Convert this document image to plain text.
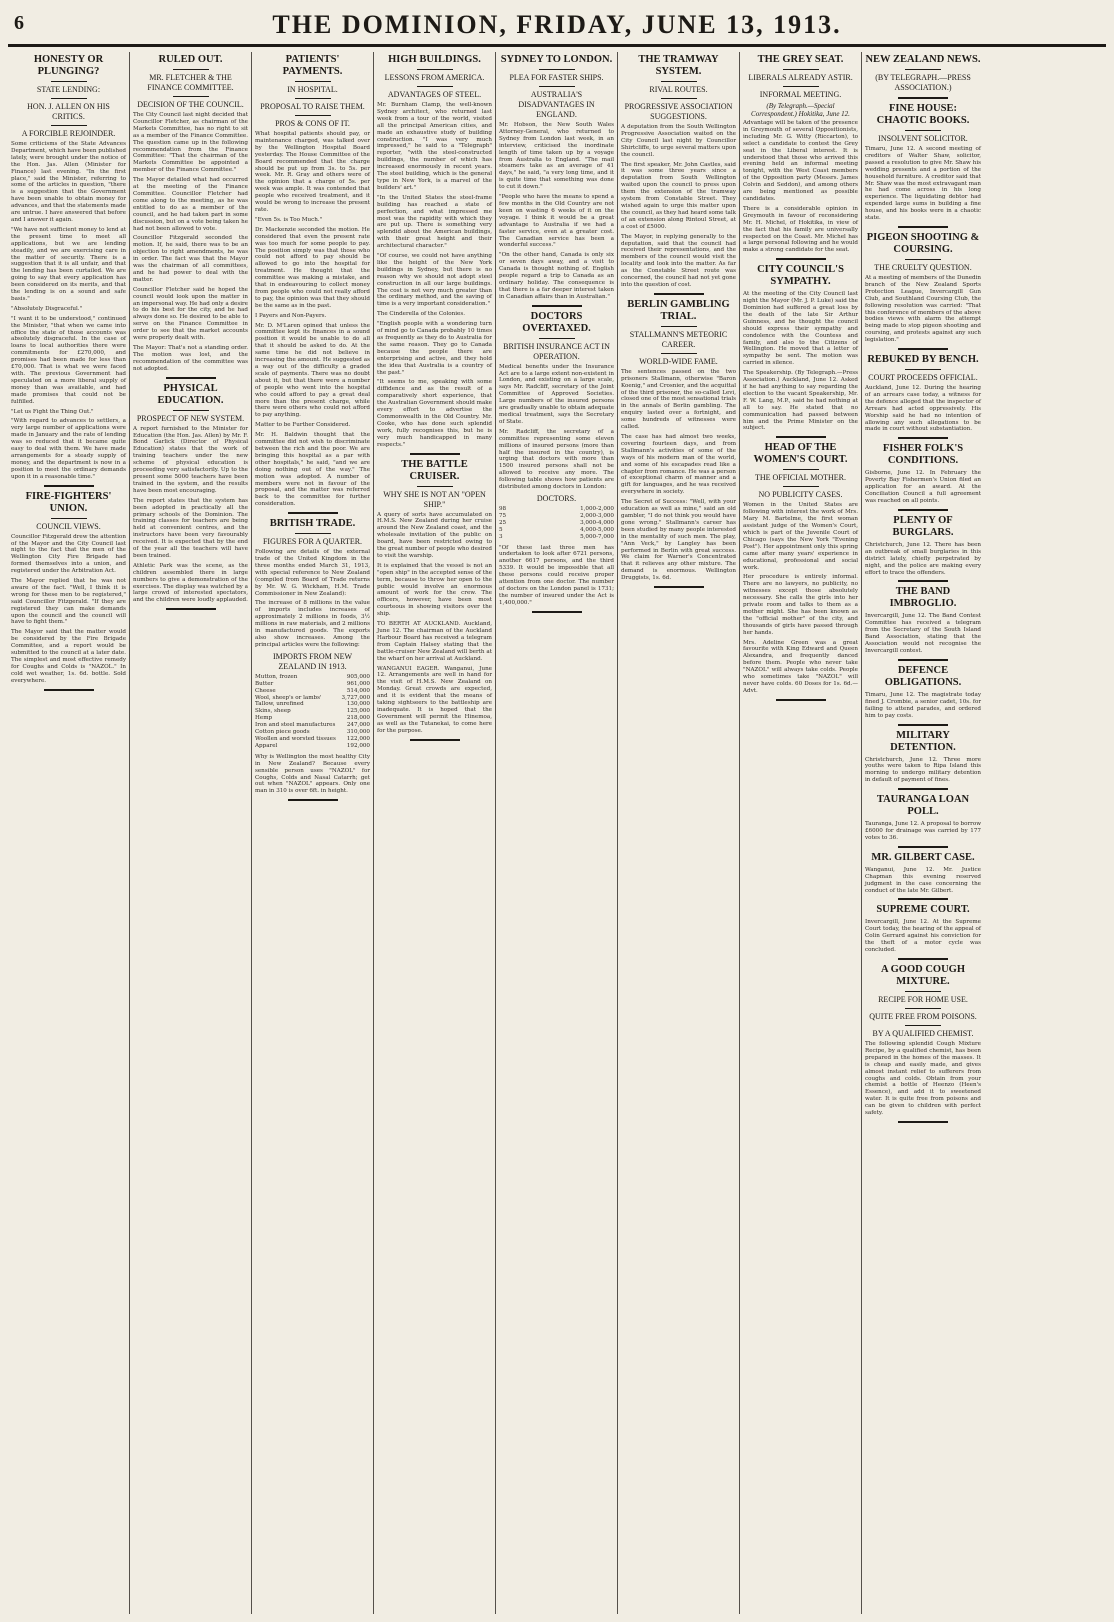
6	THE DOMINION, FRIDAY, JUNE 13, 1913.
HONESTY OR PLUNGING?
STATE LENDING:
HON. J. ALLEN ON HIS CRITICS.
A FORCIBLE REJOINDER.

Some criticisms of the State Advances Department, which have been published lately, were brought under the notice of the Hon. Jas. Allen (Minister for Finance) last evening. "In the first place," said the Minister, referring to some of the articles in question, "there is a suggestion that the Government have been unable to obtain money for advances, and that the statements made are untrue. I have answered that before and I answer it again.

"We have not sufficient money to lend at the present time to meet all applications, but we are lending steadily, and we are exercising care in the matter of security. There is a suggestion that it is all unfair, and that the lending has been curtailed. We are going to say that every application has been considered on its merits, and that the lending is on a sound and safe basis."

"Absolutely Disgraceful."

"I want it to be understood," continued the Minister, "that when we came into office the state of those accounts was absolutely disgraceful. In the case of loans to local authorities there were commitments for £270,000, and promises had been made for less than £70,000. That is what we were faced with. The previous Government had speculated on a more liberal supply of money than was available, and had made promises that could not be fulfilled.

"Let us Fight the Thing Out."

"With regard to advances to settlers, a very large number of applications were made in January and the rate of lending was so reduced that it became quite easy to deal with them. We have made arrangements for a steady supply of money, and the department is now in a position to meet the ordinary demands upon it in a reasonable time."

FIRE-FIGHTERS' UNION.
COUNCIL VIEWS.

Councillor Fitzgerald drew the attention of the Mayor and the City Council last night to the fact that the men of the Wellington City Fire Brigade had formed themselves into a union, and registered under the Arbitration Act.

The Mayor replied that he was not aware of the fact. "Well, I think it is wrong for these men to be registered," said Councillor Fitzgerald. "If they are registered they can make demands upon the council and the council will have to fight them."

The Mayor said that the matter would be considered by the Fire Brigade Committee, and a report would be submitted to the council at a later date. The simplest and most effective remedy for Coughs and Colds is "NAZOL." In cold wet weather, 1s. 6d. bottle. Sold everywhere.

RULED OUT.
MR. FLETCHER & THE FINANCE COMMITTEE.
DECISION OF THE COUNCIL.

The City Council last night decided that Councillor Fletcher, as chairman of the Markets Committee, has no right to sit as a member of the Finance Committee. The question came up in the following recommendation from the Finance Committee: "That the chairman of the Markets Committee be appointed a member of the Finance Committee."

The Mayor detailed what had occurred at the meeting of the Finance Committee. Councillor Fletcher had come along to the meeting, as he was entitled to do as a member of the council, and he had taken part in some discussion, but on a vote being taken he had not been allowed to vote.

Councillor Fitzgerald seconded the motion. If, he said, there was to be an objection to right amendments, he was in order. The fact was that the Mayor was the chairman of all committees, and he had power to deal with the matter.

Councillor Fletcher said he hoped the council would look upon the matter in an impersonal way. He had only a desire to do his best for the city, and he had always done so. He desired to be able to serve on the Finance Committee in order to see that the market accounts were properly dealt with.

The Mayor: That's not a standing order. The motion was lost, and the recommendation of the committee was not adopted.

PHYSICAL EDUCATION.
PROSPECT OF NEW SYSTEM.

A report furnished to the Minister for Education (the Hon. Jas. Allen) by Mr. F. Bond Garlick (Director of Physical Education) states that the work of training teachers under the new scheme of physical education is proceeding very satisfactorily. Up to the present some 5000 teachers have been trained in the system, and the results have been most encouraging.

The report states that the system has been adopted in practically all the primary schools of the Dominion. The training classes for teachers are being held at convenient centres, and the instructors have been very favourably received. It is expected that by the end of the year all the teachers will have been trained.

Athletic Park was the scene, as the children assembled there in large numbers to give a demonstration of the exercises. The display was watched by a large crowd of interested spectators, and the children were loudly applauded.

PATIENTS' PAYMENTS.
IN HOSPITAL.
PROPOSAL TO RAISE THEM.
PROS & CONS OF IT.

What hospital patients should pay, or maintenance charged, was talked over by the Wellington Hospital Board yesterday. The House Committee of the Board recommended that the charge should be put up from 3s. to 5s. per week. Mr. R. Gray and others were of the opinion that a charge of 5s. per week was ample. It was contended that people who received treatment, and it would be wrong to increase the present rate.

"Even 5s. is Too Much."

Dr. Mackenzie seconded the motion. He considered that even the present rate was too much for some people to pay. The position simply was that those who could not afford to pay should be allowed to go into the hospital for treatment. He thought that the committee was making a mistake, and that in endeavouring to collect money from people who could not really afford to pay, the opinion was that they should be the same as in the past.

I Payers and Non-Payers.

Mr. D. M'Laren opined that unless the committee kept its finances in a sound position it would be unable to do all that it should be asked to do. At the same time he did not believe in increasing the amount. He suggested as a way out of the difficulty a graded scale of payments. There was no doubt about it, but that there were a number of people who went into the hospital who could afford to pay a great deal more than the present charge, while there were others who could not afford to pay anything.

Matter to be Further Considered.

Mr. H. Baldwin thought that the committee did not wish to discriminate between the rich and the poor. We are bringing this hospital as a par with other hospitals," he said, "and we are doing nothing out of the way." The motion was adopted. A number of members were not in favour of the proposal, and the matter was referred back to the committee for further consideration.

BRITISH TRADE.
FIGURES FOR A QUARTER.

Following are details of the external trade of the United Kingdom in the three months ended March 31, 1913, with special reference to New Zealand (compiled from Board of Trade returns by Mr. W. G. Wickham, H.M. Trade Commissioner in New Zealand):

The increase of 8 millions in the value of imports includes increases of approximately 2 millions in foods, 3½ millions in raw materials, and 2 millions in manufactured goods. The exports also show increases. Among the principal articles were the following:

IMPORTS FROM NEW ZEALAND IN 1913.
Mutton, frozen	905,000
Butter	961,000
Cheese	514,000
Wool, sheep's or lambs'	3,727,000
Tallow, unrefined	130,000
Skins, sheep	125,000
Hemp	218,000
Iron and steel manufactures	247,000
Cotton piece goods	310,000
Woollen and worsted tissues	122,000
Apparel	192,000

Why is Wellington the most healthy City in New Zealand? Because every sensible person uses "NAZOL" for Coughs, Colds and Nasal Catarrh; get out when "NAZOL" appears. Only one man in 310 is over 6ft. in height.

HIGH BUILDINGS.
LESSONS FROM AMERICA.
ADVANTAGES OF STEEL.

Mr. Burnham Clamp, the well-known Sydney architect, who returned last week from a tour of the world, visited all the principal American cities, and made an exhaustive study of building construction. "I was very much impressed," he said to a "Telegraph" reporter, "with the steel-constructed buildings, the number of which has increased enormously in recent years. The steel building, which is the general type in New York, is a marvel of the builders' art."

"In the United States the steel-frame building has reached a state of perfection, and what impressed me most was the rapidity with which they are put up. There is something very splendid about the American buildings, with their great height and their architectural character."

"Of course, we could not have anything like the height of the New York buildings in Sydney, but there is no reason why we should not adopt steel construction in all our large buildings. The cost is not very much greater than the ordinary method, and the saving of time is a very important consideration."

The Cinderella of the Colonies.

"English people with a wondering turn of mind go to Canada probably 10 times as frequently as they do to Australia for the same reason. They go to Canada because the people there are enterprising and active, and they hold the idea that Australia is a country of the past."

"It seems to me, speaking with some diffidence and as the result of a comparatively short experience, that the Australian Government should make every effort to advertise the Commonwealth in the Old Country. Mr. Cooke, who has done such splendid work, fully recognises this, but he is very much handicapped in many respects."

THE BATTLE CRUISER.
WHY SHE IS NOT AN "OPEN SHIP."

A query of sorts have accumulated on H.M.S. New Zealand during her cruise around the New Zealand coast, and the wholesale invitation of the public on board, have been restricted owing to the great number of people who desired to visit the warship.

It is explained that the vessel is not an "open ship" in the accepted sense of the term, because to throw her open to the public would involve an enormous amount of work for the crew. The officers, however, have been most courteous in showing visitors over the ship.

TO BERTH AT AUCKLAND. Auckland, June 12. The chairman of the Auckland Harbour Board has received a telegram from Captain Halsey stating that the battle-cruiser New Zealand will berth at the wharf on her arrival at Auckland.

WANGANUI EAGER. Wanganui, June 12. Arrangements are well in hand for the visit of H.M.S. New Zealand on Monday. Great crowds are expected, and it is evident that the means of taking sightseers to the battleship are inadequate. It is hoped that the Government will permit the Hinemoa, as well as the Tutanekai, to come here for the purpose.

SYDNEY TO LONDON.
PLEA FOR FASTER SHIPS.
AUSTRALIA'S DISADVANTAGES IN ENGLAND.

Mr. Hobson, the New South Wales Attorney-General, who returned to Sydney from London last week, in an interview, criticised the inordinate length of time taken up by a voyage from Australia to England. "The mail steamers take as an average of 41 days," he said, "a very long time, and it is quite time that something was done to cut it down."

"People who have the means to spend a few months in the Old Country are not keen on wasting 6 weeks of it on the voyage. I think it would be a great advantage to Australia if we had a faster service, even at a greater cost. The Canadian service has been a wonderful success."

"On the other hand, Canada is only six or seven days away, and a visit to Canada is thought nothing of. English people regard a trip to Canada as an ordinary holiday. The consequence is that there is a far deeper interest taken in Canadian affairs than in Australian."

DOCTORS OVERTAXED.
BRITISH INSURANCE ACT IN OPERATION.

Medical benefits under the Insurance Act are to a large extent non-existent in London, and existing on a large scale, says Mr. Radcliff, secretary of the Joint Committee of Approved Societies. Large numbers of the insured persons are gradually unable to obtain adequate medical treatment, says the Secretary of State.

Mr. Radcliff, the secretary of a committee representing some eleven millions of insured persons (more than half the insured in the country), is urging that doctors with more than 1500 insured persons shall not be allowed to receive any more. The following table shows how patients are distributed among doctors in London:

DOCTORS.
98	1,000-2,000
75	2,000-3,000
25	3,000-4,000
5	4,000-5,000
3	5,000-7,000

"Of these last three men has undertaken to look after 6721 persons, another 6617 persons, and the third 5339. It would be impossible that all these persons could receive proper attention from one doctor. The number of doctors on the London panel is 1731; the number of insured under the Act is 1,400,000."

THE TRAMWAY SYSTEM.
RIVAL ROUTES.
PROGRESSIVE ASSOCIATION SUGGESTIONS.

A deputation from the South Wellington Progressive Association waited on the City Council last night by Councillor Shirtcliffe, to urge several matters upon the council.

The first speaker, Mr. John Castles, said it was some three years since a deputation from South Wellington waited upon the council to press upon them the extension of the tramway system from Constable Street. They wished again to urge this matter upon the council, as they had heard some talk of an extension along Rintoul Street, at a cost of £5000.

The Mayor, in replying generally to the deputation, said that the council had received their representations, and the members of the council would visit the locality and look into the matter. As far as the Constable Street route was concerned, the council had not yet gone into the question of cost.

BERLIN GAMBLING TRIAL.
STALLMANN'S METEORIC CAREER.
WORLD-WIDE FAME.

The sentences passed on the two prisoners Stallmann, otherwise "Baron Koenig," and Crosnier, and the acquittal of the third prisoner, the so-called Levi, closed one of the most sensational trials in the annals of Berlin gambling. The enquiry lasted over a fortnight, and some hundreds of witnesses were called.

The case has had almost two weeks, covering fourteen days, and from Stallmann's activities of some of the ways of his modern man of the world, and some of his escapades read like a chapter from romance. He was a person of exceptional charm of manner and a gift for languages, and he was received everywhere in society.

The Secret of Success: "Well, with your education as well as mine," said an old gambler, "I do not think you would have gone wrong." Stallmann's career has been studied by many people interested in the mentality of such men. The play, "Ann Veck," by Langley has been performed in Berlin with great success. We claim for Warner's Concentrated that it relieves any other mixture. The demand is enormous. Wellington Druggists, 1s. 6d.

THE GREY SEAT.
LIBERALS ALREADY ASTIR.
INFORMAL MEETING.
(By Telegraph.—Special Correspondent.) Hokitika, June 12.

Advantage will be taken of the presence in Greymouth of several Oppositionists, including Mr. G. Witty (Riccarton), to select a candidate to contest the Grey seat in the Liberal interest. It is understood that those who arrived this evening held an informal meeting tonight, with the West Coast members of the Opposition party (Messrs. James Colvin and Seddon), and among others are being mentioned as possible candidates.

There is a considerable opinion in Greymouth in favour of reconsidering Mr. H. Michel, of Hokitika, in view of the fact that his family are universally respected on the Coast. Mr. Michel has a large personal following and he would make a strong candidate for the seat.

CITY COUNCIL'S SYMPATHY.

At the meeting of the City Council last night the Mayor (Mr. J. P. Luke) said the Dominion had suffered a great loss by the death of the late Sir Arthur Guinness, and he thought the council should express their sympathy and condolence with the Countess and family, and also to the Citizens of Wellington. He moved that a letter of sympathy be sent. The motion was carried in silence.

The Speakership. (By Telegraph.—Press Association.) Auckland, June 12. Asked if he had anything to say regarding the election to the vacant Speakership, Mr. F. W. Lang, M.P., said he had nothing at all to say. He stated that no communication had passed between him and the Prime Minister on the subject.

HEAD OF THE WOMEN'S COURT.
THE OFFICIAL MOTHER.
NO PUBLICITY CASES.

Women in the United States are following with interest the work of Mrs. Mary M. Bartelme, the first woman assistant judge of the Women's Court, which is part of the Juvenile Court of Chicago (says the New York "Evening Post"). Her appointment only this spring came after many years' experience in educational, professional and social work.

Her procedure is entirely informal. There are no lawyers, no publicity, no witnesses except those absolutely necessary. She calls the girls into her private room and talks to them as a mother might. She has been known as the "official mother" of the city, and thousands of girls have passed through her hands.

Mrs. Adeline Green was a great favourite with King Edward and Queen Alexandra, and frequently danced before them. People who never take "NAZOL" will always take colds. People who sometimes take "NAZOL" will never have colds. 60 Doses for 1s. 6d.—Advt.

NEW ZEALAND NEWS.
(BY TELEGRAPH.—PRESS ASSOCIATION.)
FINE HOUSE: CHAOTIC BOOKS.
INSOLVENT SOLICITOR.

Timaru, June 12. A second meeting of creditors of Walter Shaw, solicitor, passed a resolution to give Mr. Shaw his wedding presents and a portion of the household furniture. A creditor said that Mr. Shaw was the most extravagant man he had come across in his long experience. The liquidating debtor had expended large sums in building a fine house, and his books were in a chaotic state.

PIGEON SHOOTING & COURSING.
THE CRUELTY QUESTION.

At a meeting of members of the Dunedin branch of the New Zealand Sports Protection League, Invercargill Gun Club, and Southland Coursing Club, the following resolution was carried: "That this conference of members of the above bodies views with alarm the attempt being made to stop pigeon shooting and coursing, and protests against any such legislation."

REBUKED BY BENCH.
COURT PROCEEDS OFFICIAL.

Auckland, June 12. During the hearing of an arrears case today, a witness for the defence alleged that the inspector of Arrears had acted oppressively. His Worship said he had no intention of allowing any such allegations to be made in court without substantiation.

FISHER FOLK'S CONDITIONS.

Gisborne, June 12. In February the Poverty Bay Fishermen's Union filed an application for an award. At the Conciliation Council a full agreement was reached on all points.

PLENTY OF BURGLARS.

Christchurch, June 12. There has been an outbreak of small burglaries in this district lately, chiefly perpetrated by night, and the police are making every effort to trace the offenders.

THE BAND IMBROGLIO.

Invercargill, June 12. The Band Contest Committee has received a telegram from the Secretary of the South Island Band Association, stating that the Association would not recognise the Invercargill contest.

DEFENCE OBLIGATIONS.

Timaru, June 12. The magistrate today fined J. Crombie, a senior cadet, 10s. for failing to attend parades, and ordered him to pay costs.

MILITARY DETENTION.

Christchurch, June 12. Three more youths were taken to Ripa Island this morning to undergo military detention in default of payment of fines.

TAURANGA LOAN POLL.

Tauranga, June 12. A proposal to borrow £6000 for drainage was carried by 177 votes to 36.

MR. GILBERT CASE.

Wanganui, June 12. Mr. Justice Chapman this evening reserved judgment in the case concerning the conduct of the late Mr. Gilbert.

SUPREME COURT.

Invercargill, June 12. At the Supreme Court today, the hearing of the appeal of Colin Gerrard against his conviction for the theft of a motor cycle was concluded.

A GOOD COUGH MIXTURE.
RECIPE FOR HOME USE.
QUITE FREE FROM POISONS.
BY A QUALIFIED CHEMIST.

The following splendid Cough Mixture Recipe, by a qualified chemist, has been prepared in the homes of the masses. It is cheap and easily made, and gives almost instant relief to sufferers from coughs and colds. Obtain from your chemist a bottle of Heenzo (Heen's Essence), and add it to sweetened water. It is quite free from poisons and can be given to children with perfect safety.
